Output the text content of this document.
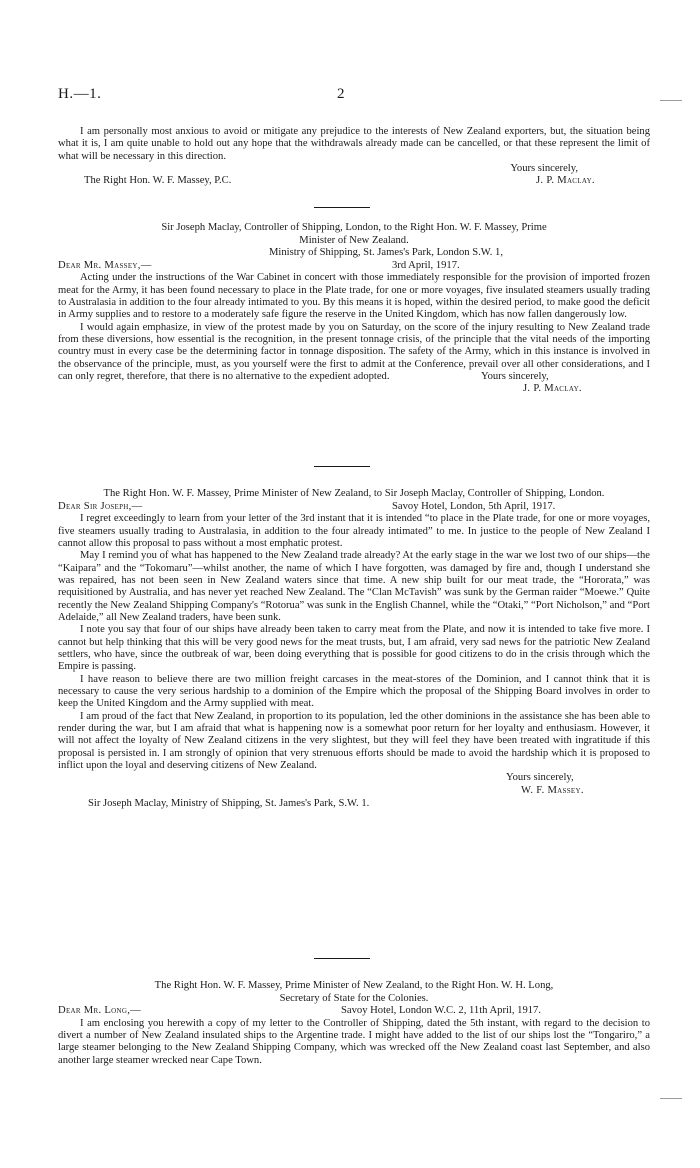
H.—1.	2

I am personally most anxious to avoid or mitigate any prejudice to the interests of New Zealand exporters, but, the situation being what it is, I am quite unable to hold out any hope that the withdrawals already made can be cancelled, or that these represent the limit of what will be necessary in this direction.

Yours sincerely,
The Right Hon. W. F. Massey, P.C.	J. P. Maclay.
Sir Joseph Maclay, Controller of Shipping, London, to the Right Hon. W. F. Massey, Prime
Minister of New Zealand.
Ministry of Shipping, St. James's Park, London S.W. 1,
Dear Mr. Massey,—	3rd April, 1917.

Acting under the instructions of the War Cabinet in concert with those immediately responsible for the provision of imported frozen meat for the Army, it has been found necessary to place in the Plate trade, for one or more voyages, five insulated steamers usually trading to Australasia in addition to the four already intimated to you. By this means it is hoped, within the desired period, to make good the deficit in Army supplies and to restore to a moderately safe figure the reserve in the United Kingdom, which has now fallen dangerously low.

I would again emphasize, in view of the protest made by you on Saturday, on the score of the injury resulting to New Zealand trade from these diversions, how essential is the recognition, in the present tonnage crisis, of the principle that the vital needs of the importing country must in every case be the determining factor in tonnage disposition. The safety of the Army, which in this instance is involved in the observance of the principle, must, as you yourself were the first to admit at the Conference, prevail over all other considerations, and I can only regret, therefore, that there is no alternative to the expedient adopted.	Yours sincerely,
J. P. Maclay.
The Right Hon. W. F. Massey, Prime Minister of New Zealand, to Sir Joseph Maclay, Controller of Shipping, London.
Dear Sir Joseph,—	Savoy Hotel, London, 5th April, 1917.

I regret exceedingly to learn from your letter of the 3rd instant that it is intended “to place in the Plate trade, for one or more voyages, five steamers usually trading to Australasia, in addition to the four already intimated” to me. In justice to the people of New Zealand I cannot allow this proposal to pass without a most emphatic protest.

May I remind you of what has happened to the New Zealand trade already? At the early stage in the war we lost two of our ships—the “Kaipara” and the “Tokomaru”—whilst another, the name of which I have forgotten, was damaged by fire and, though I understand she was repaired, has not been seen in New Zealand waters since that time. A new ship built for our meat trade, the “Hororata,” was requisitioned by Australia, and has never yet reached New Zealand. The “Clan McTavish” was sunk by the German raider “Moewe.” Quite recently the New Zealand Shipping Company's “Rotorua” was sunk in the English Channel, while the “Otaki,” “Port Nicholson,” and “Port Adelaide,” all New Zealand traders, have been sunk.

I note you say that four of our ships have already been taken to carry meat from the Plate, and now it is intended to take five more. I cannot but help thinking that this will be very good news for the meat trusts, but, I am afraid, very sad news for the patriotic New Zealand settlers, who have, since the outbreak of war, been doing everything that is possible for good citizens to do in the crisis through which the Empire is passing.

I have reason to believe there are two million freight carcases in the meat-stores of the Dominion, and I cannot think that it is necessary to cause the very serious hardship to a dominion of the Empire which the proposal of the Shipping Board involves in order to keep the United Kingdom and the Army supplied with meat.

I am proud of the fact that New Zealand, in proportion to its population, led the other dominions in the assistance she has been able to render during the war, but I am afraid that what is happening now is a somewhat poor return for her loyalty and enthusiasm. However, it will not affect the loyalty of New Zealand citizens in the very slightest, but they will feel they have been treated with ingratitude if this proposal is persisted in. I am strongly of opinion that very strenuous efforts should be made to avoid the hardship which it is proposed to inflict upon the loyal and deserving citizens of New Zealand.

Yours sincerely,
W. F. Massey.
Sir Joseph Maclay, Ministry of Shipping, St. James's Park, S.W. 1.
The Right Hon. W. F. Massey, Prime Minister of New Zealand, to the Right Hon. W. H. Long,
Secretary of State for the Colonies.
Dear Mr. Long,—	Savoy Hotel, London W.C. 2, 11th April, 1917.

I am enclosing you herewith a copy of my letter to the Controller of Shipping, dated the 5th instant, with regard to the decision to divert a number of New Zealand insulated ships to the Argentine trade. I might have added to the list of our ships lost the “Tongariro,” a large steamer belonging to the New Zealand Shipping Company, which was wrecked off the New Zealand coast last September, and also another large steamer wrecked near Cape Town.
